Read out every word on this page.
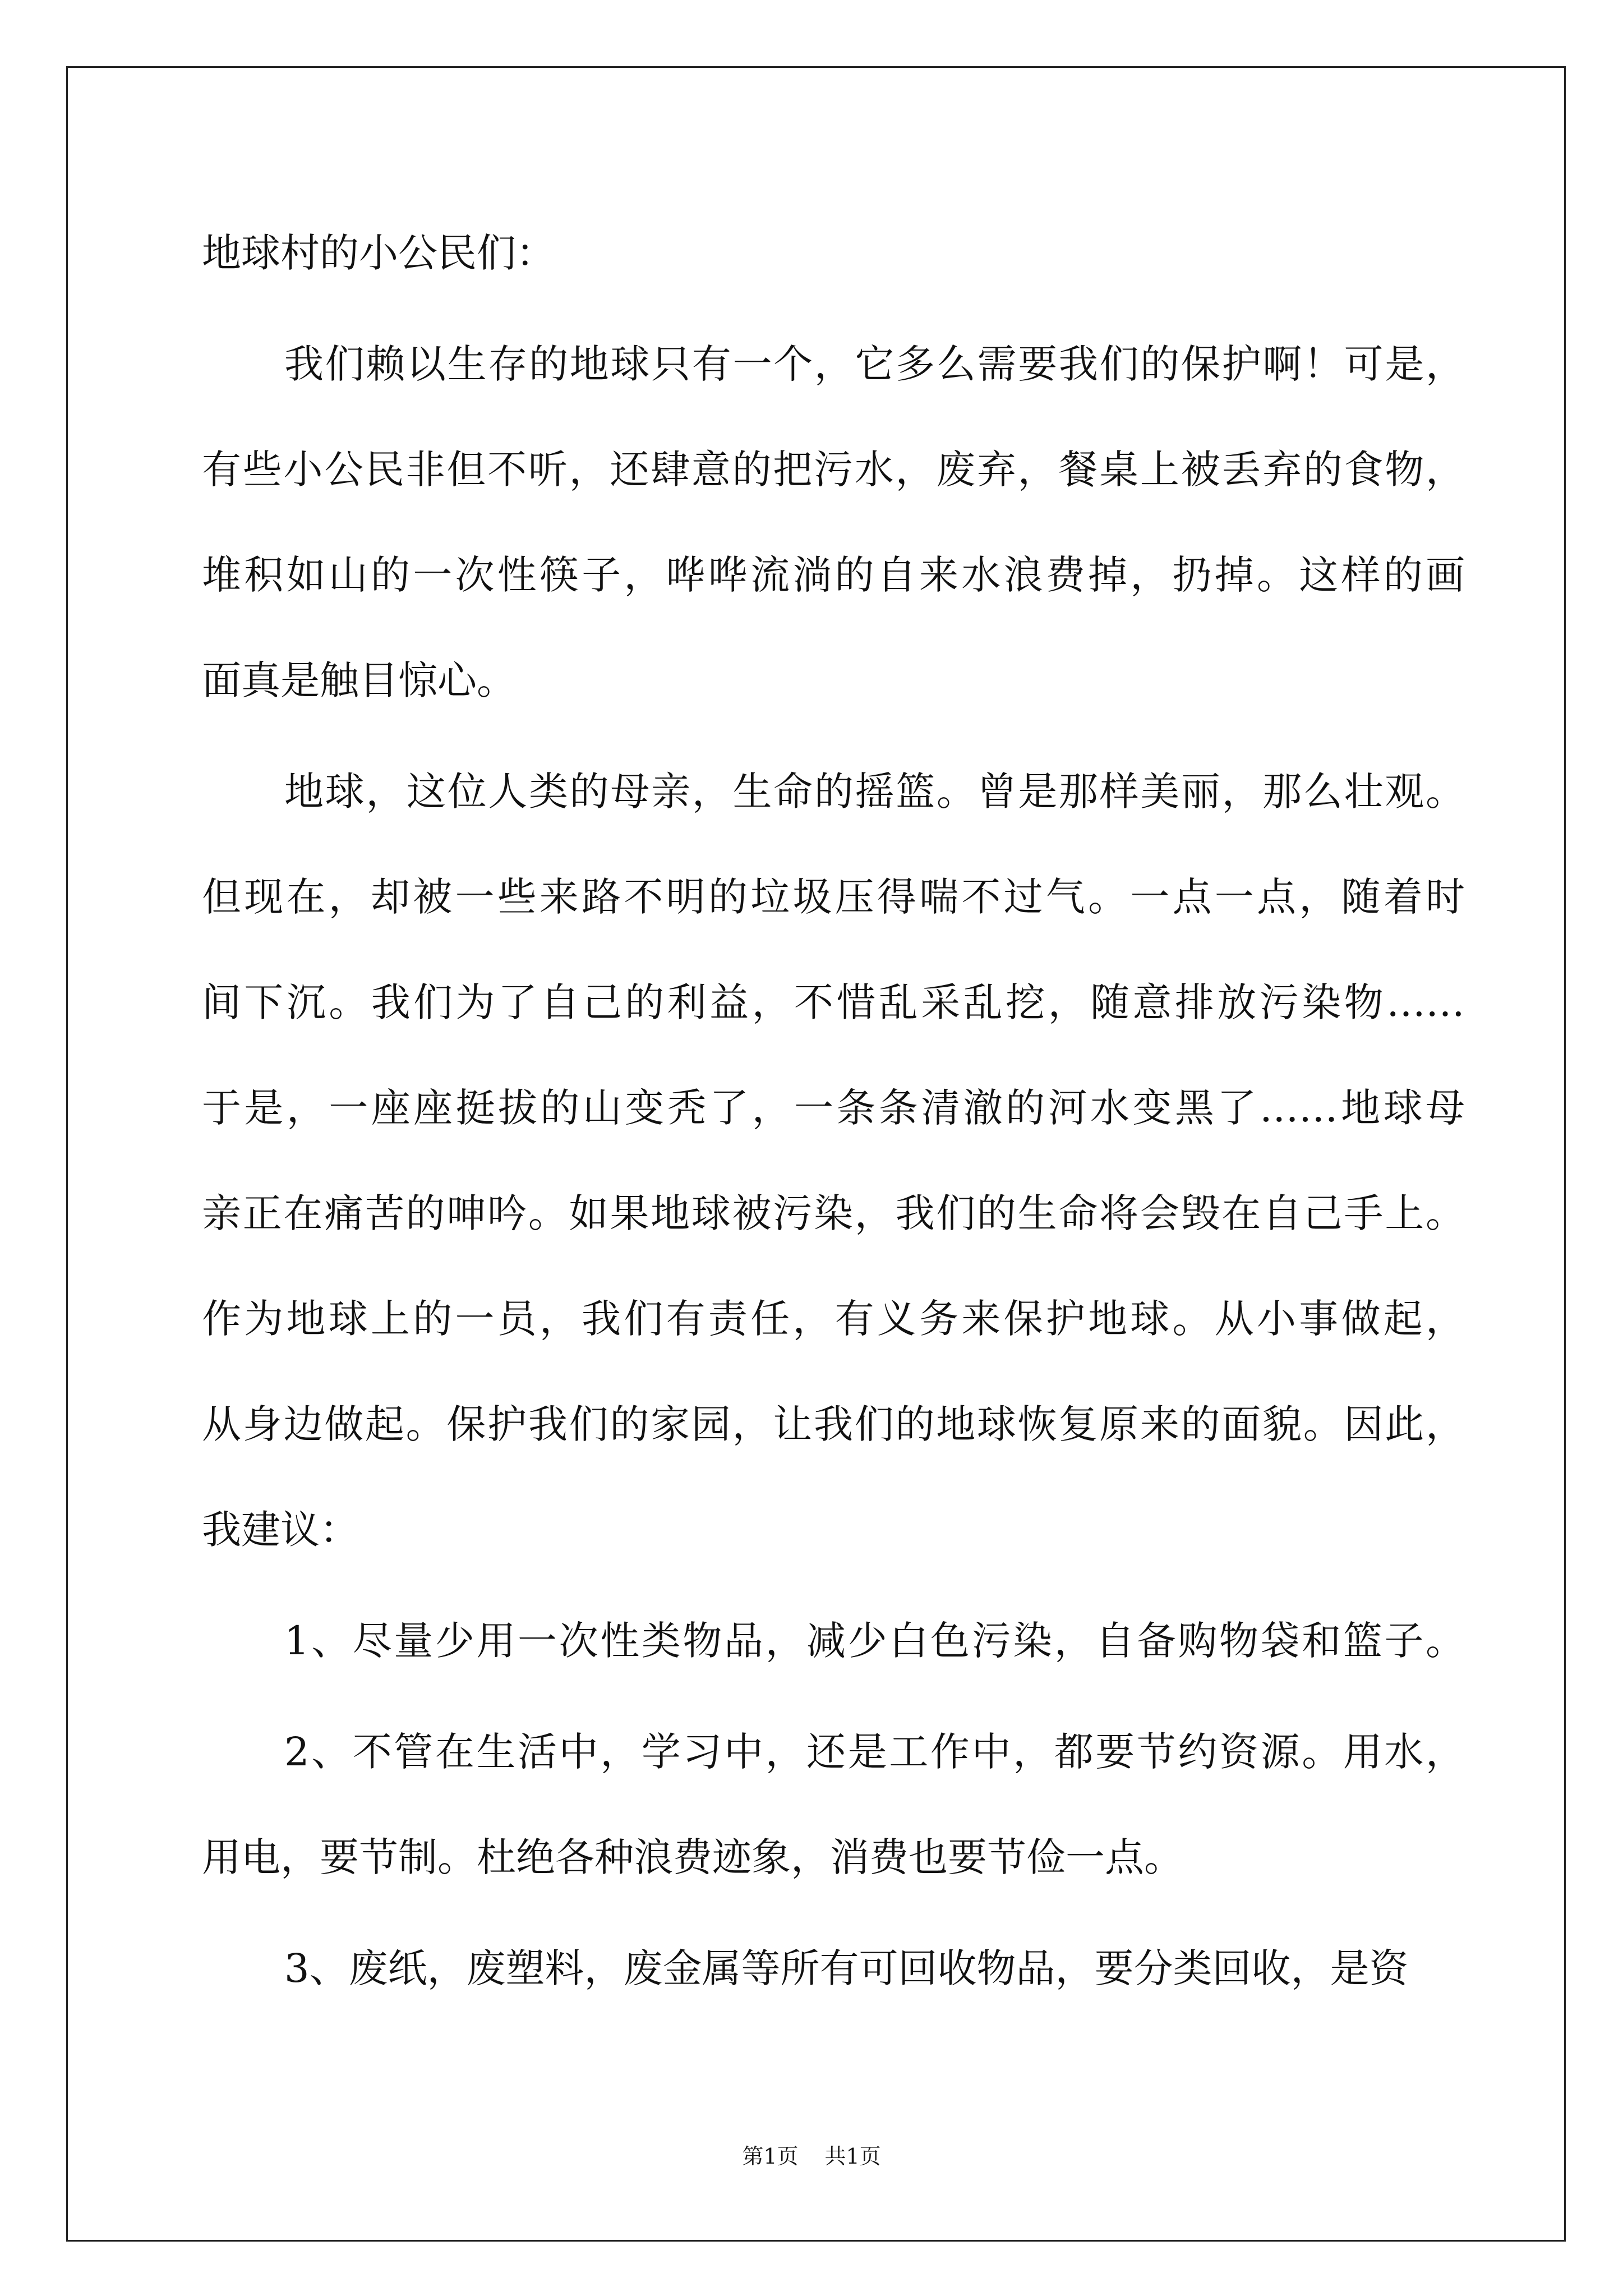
地球村的小公民们：

我们赖以生存的地球只有一个，它多么需要我们的保护啊！可是，
有些小公民非但不听，还肆意的把污水，废弃，餐桌上被丢弃的食物，
堆积如山的一次性筷子，哗哗流淌的自来水浪费掉，扔掉。这样的画
面真是触目惊心。

地球，这位人类的母亲，生命的摇篮。曾是那样美丽，那么壮观。
但现在，却被一些来路不明的垃圾压得喘不过气。一点一点，随着时
间下沉。我们为了自己的利益，不惜乱采乱挖，随意排放污染物……
于是，一座座挺拔的山变秃了，一条条清澈的河水变黑了……地球母
亲正在痛苦的呻吟。如果地球被污染，我们的生命将会毁在自己手上。
作为地球上的一员，我们有责任，有义务来保护地球。从小事做起，
从身边做起。保护我们的家园，让我们的地球恢复原来的面貌。因此，
我建议：

1、尽量少用一次性类物品，减少白色污染，自备购物袋和篮子。

2、不管在生活中，学习中，还是工作中，都要节约资源。用水，
用电，要节制。杜绝各种浪费迹象，消费也要节俭一点。

3、废纸，废塑料，废金属等所有可回收物品，要分类回收，是资

第1页 共1页
